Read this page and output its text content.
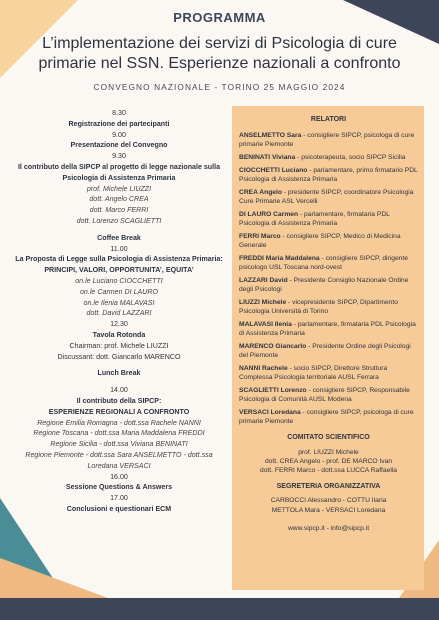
PROGRAMMA
L’implementazione dei servizi di Psicologia di cure primarie nel SSN. Esperienze nazionali a confronto
CONVEGNO NAZIONALE - TORINO 25 MAGGIO 2024
8.30
Registrazione dei partecipanti
9.00
Presentazione del Convegno
9.30
Il contributo della SIPCP al progetto di legge nazionale sulla Psicologia di Assistenza Primaria
prof. Michele LIUZZI
dott. Angelo CREA
dott. Marco FERRI
dott. Lorenzo SCAGLIETTI
Coffee Break
11.00
La Proposta di Legge sulla Psicologia di Assistenza Primaria: PRINCIPI, VALORI, OPPORTUNITA’, EQUITA’
on.le Luciano CIOCCHETTI
on.le Carmen DI LAURO
on.le Ilenia MALAVASI
dott. David LAZZARI
12.30
Tavola Rotonda
Chairman: prof. Michele LIUZZI
Discussant: dott. Giancarlo MARENCO
Lunch Break
14.00
Il contributo della SIPCP:
ESPERIENZE REGIONALI A CONFRONTO
Regione Emilia Romagna - dott.ssa Rachele NANNI
Regione Toscana - dott.ssa Maria Maddalena FREDDI
Regione Sicilia - dott.ssa Viviana BENINATI
Regione Piemonte - dott.ssa Sara ANSELMETTO - dott.ssa Loredana VERSACI
16.00
Sessione Questions & Answers
17.00
Conclusioni e questionari ECM
RELATORI
ANSELMETTO Sara - consigliere SIPCP, psicologa di cure primarie Piemonte
BENINATI Viviana - psicoterapeuta, socio SIPCP Sicilia
CIOCCHETTI Luciano - parlamentare, primo firmatario PDL Psicologia di Assistenza Primaria
CREA Angelo - presidente SIPCP, coordinatore Psicologia Cure Primarie ASL Vercelli
DI LAURO Carmen - parlamentare, firmataria PDL Psicologia di Assistenza Primaria
FERRI Marco - consigliere SIPCP, Medico di Medicina Generale
FREDDI Maria Maddalena - consigliere SIPCP, dirigente psicologo USL Toscana nord-ovest
LAZZARI David - Presidente Consiglio Nazionale Ordine degli Psicologi
LIUZZI Michele - vicepresidente SIPCP, Dipartimento Psicologia Università di Torino
MALAVASI Ilenia - parlamentare, firmataria PDL Psicologia di Assistenza Primaria
MARENCO Giancarlo - Presidente Ordine degli Psicologi del Piemonte
NANNI Rachele - socio SIPCP, Direttore Struttura Complessa Psicologia territoriale AUSL Ferrara
SCAGLIETTI Lorenzo - consigliere SIPCP, Responsabile Psicologia di Comunità AUSL Modena
VERSACI Loredana - consigliere SIPCP, psicologa di cure primarie Piemonte
COMITATO SCIENTIFICO
prof. LIUZZI Michele
dott. CREA Angelo - prof. DE MARCO Ivan
dott. FERRI Marco - dott.ssa LUCCA Raffaella
SEGRETERIA ORGANIZZATIVA
CARBOCCI Alessandro - COTTU Ilaria
METTOLA Mara - VERSACI Loredana
www.sipcp.it - info@sipcp.it
